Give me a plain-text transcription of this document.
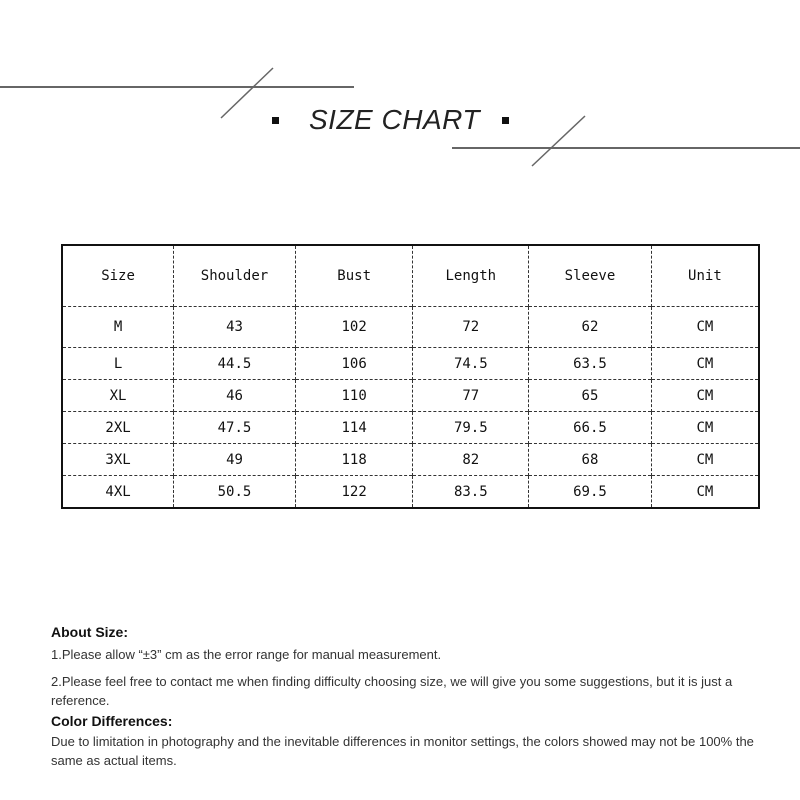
SIZE CHART
Size	Shoulder	Bust	Length	Sleeve	Unit
M	43	102	72	62	CM
L	44.5	106	74.5	63.5	CM
XL	46	110	77	65	CM
2XL	47.5	114	79.5	66.5	CM
3XL	49	118	82	68	CM
4XL	50.5	122	83.5	69.5	CM

About Size:

1.Please allow “±3” cm as the error range for manual measurement.

2.Please feel free to contact me when finding difficulty choosing size, we will give you some suggestions, but it is just a reference.

Color Differences:

Due to limitation in photography and the inevitable differences in monitor settings, the colors showed may not be 100% the same as actual items.
